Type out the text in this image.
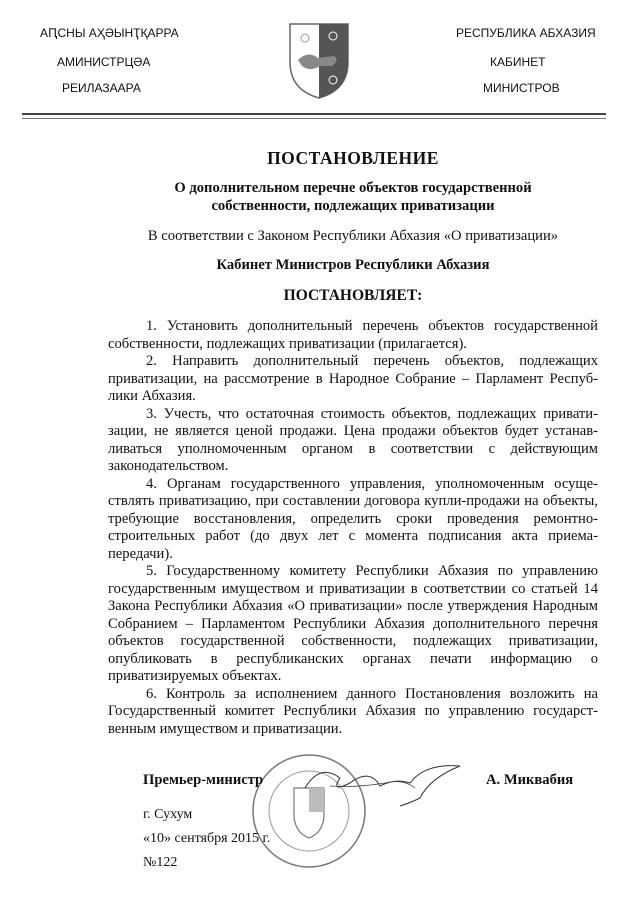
АԤСНЫ АҲӘЫНҬҚАРРА
АМИНИСТРЦӘА
РЕИЛАЗААРА
РЕСПУБЛИКА АБХАЗИЯ
КАБИНЕТ
МИНИСТРОВ
ПОСТАНОВЛЕНИЕ
О дополнительном перечне объектов государственной
собственности, подлежащих приватизации
В соответствии с Законом Республики Абхазия «О приватизации»
Кабинет Министров Республики Абхазия
ПОСТАНОВЛЯЕТ:

1. Установить дополнительный перечень объектов государственной собственности, подлежащих приватизации (прилагается).

2. Направить дополнительный перечень объектов, подлежащих приватизации, на рассмотрение в Народное Собрание – Парламент Республики Абхазия.

3. Учесть, что остаточная стоимость объектов, подлежащих приватизации, не является ценой продажи. Цена продажи объектов будет устанавливаться уполномоченным органом в соответствии с действующим законодательством.

4. Органам государственного управления, уполномоченным осуществлять приватизацию, при составлении договора купли-продажи на объекты, требующие восстановления, определить сроки проведения ремонтно-строительных работ (до двух лет с момента подписания акта приема-передачи).

5. Государственному комитету Республики Абхазия по управлению государственным имуществом и приватизации в соответствии со статьей 14 Закона Республики Абхазия «О приватизации» после утверждения Народным Собранием – Парламентом Республики Абхазия дополнительного перечня объектов государственной собственности, подлежащих приватизации, опубликовать в республиканских органах печати информацию о приватизируемых объектах.

6. Контроль за исполнением данного Постановления возложить на Государственный комитет Республики Абхазия по управлению государственным имуществом и приватизации.

Премьер-министр	А. Миквабия
г. Сухум
«10» сентября 2015 г.
№122
